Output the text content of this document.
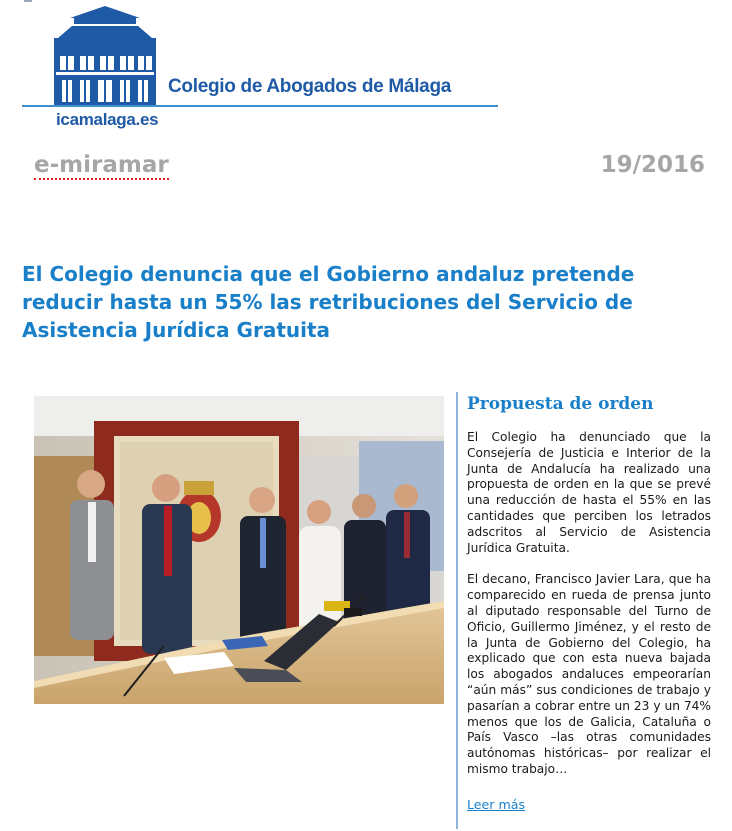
Colegio de Abogados de Málaga
icamalaga.es
e-miramar	19/2016
El Colegio denuncia que el Gobierno andaluz pretende reducir hasta un 55% las retribuciones del Servicio de Asistencia Jurídica Gratuita
Propuesta de orden

El Colegio ha denunciado que la Consejería de Justicia e Interior de la Junta de Andalucía ha realizado una propuesta de orden en la que se prevé una reducción de hasta el 55% en las cantidades que perciben los letrados adscritos al Servicio de Asistencia Jurídica Gratuita.

El decano, Francisco Javier Lara, que ha comparecido en rueda de prensa junto al diputado responsable del Turno de Oficio, Guillermo Jiménez, y el resto de la Junta de Gobierno del Colegio, ha explicado que con esta nueva bajada los abogados andaluces empeorarían “aún más” sus condiciones de trabajo y pasarían a cobrar entre un 23 y un 74% menos que los de Galicia, Cataluña o País Vasco –las otras comunidades autónomas históricas– por realizar el mismo trabajo…

Leer más
